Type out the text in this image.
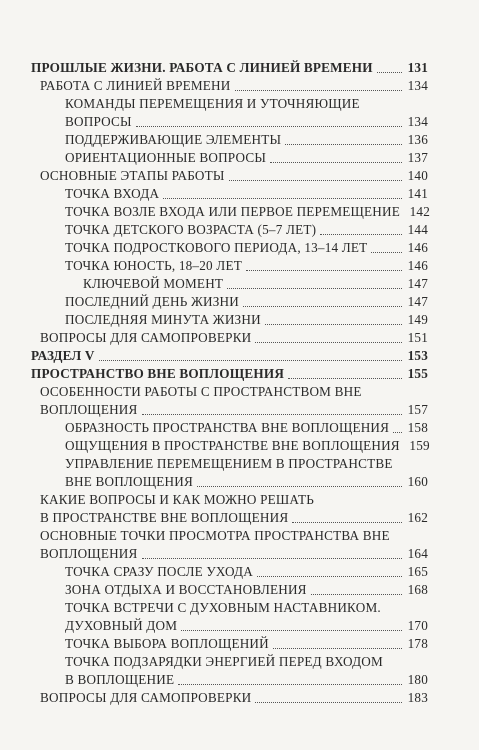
ПРОШЛЫЕ ЖИЗНИ. РАБОТА С ЛИНИЕЙ ВРЕМЕНИ	131
РАБОТА С ЛИНИЕЙ ВРЕМЕНИ	134
КОМАНДЫ ПЕРЕМЕЩЕНИЯ И УТОЧНЯЮЩИЕ
ВОПРОСЫ	134
ПОДДЕРЖИВАЮЩИЕ ЭЛЕМЕНТЫ	136
ОРИЕНТАЦИОННЫЕ ВОПРОСЫ	137
ОСНОВНЫЕ ЭТАПЫ РАБОТЫ	140
ТОЧКА ВХОДА	141
ТОЧКА ВОЗЛЕ ВХОДА ИЛИ ПЕРВОЕ ПЕРЕМЕЩЕНИЕ 142
ТОЧКА ДЕТСКОГО ВОЗРАСТА (5–7 ЛЕТ)	144
ТОЧКА ПОДРОСТКОВОГО ПЕРИОДА, 13–14 ЛЕТ	146
ТОЧКА ЮНОСТЬ, 18–20 ЛЕТ	146
КЛЮЧЕВОЙ МОМЕНТ	147
ПОСЛЕДНИЙ ДЕНЬ ЖИЗНИ	147
ПОСЛЕДНЯЯ МИНУТА ЖИЗНИ	149
ВОПРОСЫ ДЛЯ САМОПРОВЕРКИ	151
РАЗДЕЛ V	153
ПРОСТРАНСТВО ВНЕ ВОПЛОЩЕНИЯ	155
ОСОБЕННОСТИ РАБОТЫ С ПРОСТРАНСТВОМ ВНЕ
ВОПЛОЩЕНИЯ	157
ОБРАЗНОСТЬ ПРОСТРАНСТВА ВНЕ ВОПЛОЩЕНИЯ 158
ОЩУЩЕНИЯ В ПРОСТРАНСТВЕ ВНЕ ВОПЛОЩЕНИЯ 159
УПРАВЛЕНИЕ ПЕРЕМЕЩЕНИЕМ В ПРОСТРАНСТВЕ
ВНЕ ВОПЛОЩЕНИЯ	160
КАКИЕ ВОПРОСЫ И КАК МОЖНО РЕШАТЬ
В ПРОСТРАНСТВЕ ВНЕ ВОПЛОЩЕНИЯ	162
ОСНОВНЫЕ ТОЧКИ ПРОСМОТРА ПРОСТРАНСТВА ВНЕ
ВОПЛОЩЕНИЯ	164
ТОЧКА СРАЗУ ПОСЛЕ УХОДА	165
ЗОНА ОТДЫХА И ВОССТАНОВЛЕНИЯ	168
ТОЧКА ВСТРЕЧИ С ДУХОВНЫМ НАСТАВНИКОМ.
ДУХОВНЫЙ ДОМ	170
ТОЧКА ВЫБОРА ВОПЛОЩЕНИЙ	178
ТОЧКА ПОДЗАРЯДКИ ЭНЕРГИЕЙ ПЕРЕД ВХОДОМ
В ВОПЛОЩЕНИЕ	180
ВОПРОСЫ ДЛЯ САМОПРОВЕРКИ	183
